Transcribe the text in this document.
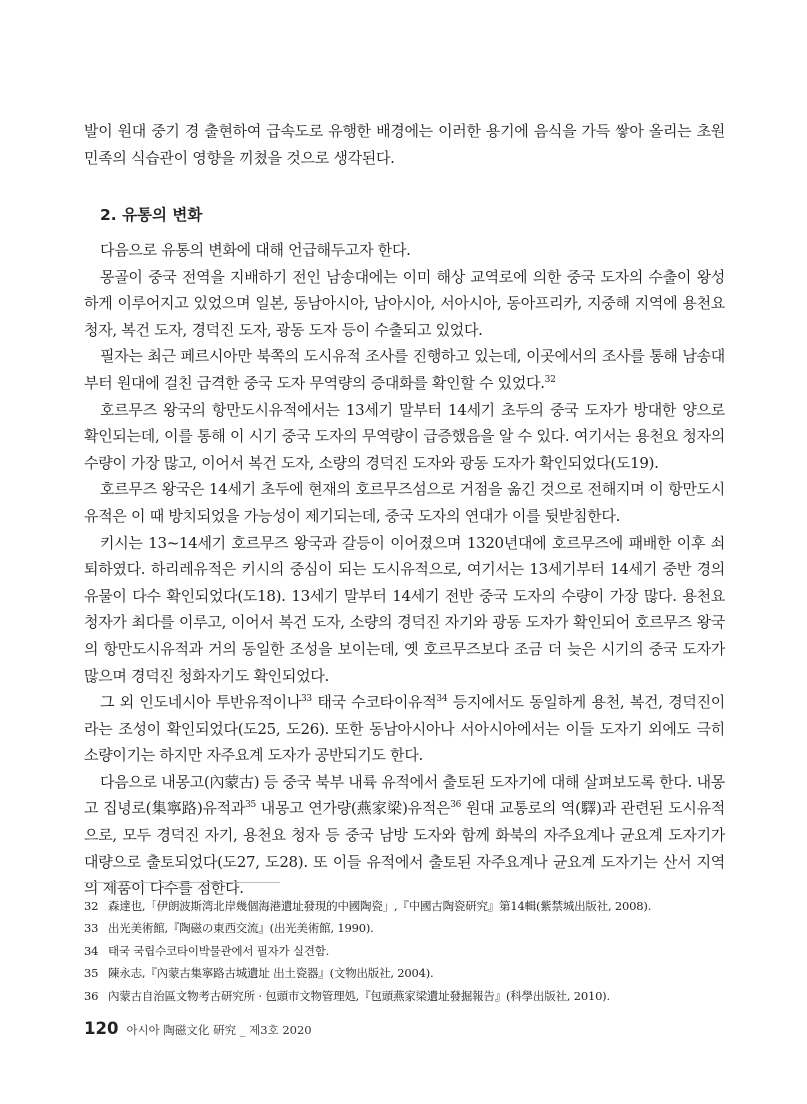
발이 원대 중기 경 출현하여 급속도로 유행한 배경에는 이러한 용기에 음식을 가득 쌓아 올리는 초원 민족의 식습관이 영향을 끼쳤을 것으로 생각된다.

2. 유통의 변화

다음으로 유통의 변화에 대해 언급해두고자 한다.

몽골이 중국 전역을 지배하기 전인 남송대에는 이미 해상 교역로에 의한 중국 도자의 수출이 왕성하게 이루어지고 있었으며 일본, 동남아시아, 남아시아, 서아시아, 동아프리카, 지중해 지역에 용천요 청자, 복건 도자, 경덕진 도자, 광동 도자 등이 수출되고 있었다.

필자는 최근 페르시아만 북쪽의 도시유적 조사를 진행하고 있는데, 이곳에서의 조사를 통해 남송대부터 원대에 걸친 급격한 중국 도자 무역량의 증대화를 확인할 수 있었다.$^{32}$

호르무즈 왕국의 항만도시유적에서는 13세기 말부터 14세기 초두의 중국 도자가 방대한 양으로 확인되는데, 이를 통해 이 시기 중국 도자의 무역량이 급증했음을 알 수 있다. 여기서는 용천요 청자의 수량이 가장 많고, 이어서 복건 도자, 소량의 경덕진 도자와 광동 도자가 확인되었다(도19).

호르무즈 왕국은 14세기 초두에 현재의 호르무즈섬으로 거점을 옮긴 것으로 전해지며 이 항만도시유적은 이 때 방치되었을 가능성이 제기되는데, 중국 도자의 연대가 이를 뒷받침한다.

키시는 13~14세기 호르무즈 왕국과 갈등이 이어졌으며 1320년대에 호르무즈에 패배한 이후 쇠퇴하였다. 하리레유적은 키시의 중심이 되는 도시유적으로, 여기서는 13세기부터 14세기 중반 경의 유물이 다수 확인되었다(도18). 13세기 말부터 14세기 전반 중국 도자의 수량이 가장 많다. 용천요 청자가 최다를 이루고, 이어서 복건 도자, 소량의 경덕진 자기와 광동 도자가 확인되어 호르무즈 왕국의 항만도시유적과 거의 동일한 조성을 보이는데, 옛 호르무즈보다 조금 더 늦은 시기의 중국 도자가 많으며 경덕진 청화자기도 확인되었다.

그 외 인도네시아 투반유적이나$^{33}$ 태국 수코타이유적$^{34}$ 등지에서도 동일하게 용천, 복건, 경덕진이라는 조성이 확인되었다(도25, 도26). 또한 동남아시아나 서아시아에서는 이들 도자기 외에도 극히 소량이기는 하지만 자주요계 도자가 공반되기도 한다.

다음으로 내몽고(內蒙古) 등 중국 북부 내륙 유적에서 출토된 도자기에 대해 살펴보도록 한다. 내몽고 집녕로(集寧路)유적과$^{35}$ 내몽고 연가량(燕家梁)유적은$^{36}$ 원대 교통로의 역(驛)과 관련된 도시유적으로, 모두 경덕진 자기, 용천요 청자 등 중국 남방 도자와 함께 화북의 자주요계나 균요계 도자기가 대량으로 출토되었다(도27, 도28). 또 이들 유적에서 출토된 자주요계나 균요계 도자기는 산서 지역의 제품이 다수를 점한다.

32 森達也,「伊朗波斯湾北岸幾個海港遺址發現的中國陶瓷」,『中國古陶瓷研究』第14輯(紫禁城出版社, 2008).
33 出光美術館,『陶磁の東西交流』(出光美術館, 1990).
34 태국 국립수코타이박물관에서 필자가 실견함.
35 陳永志,『內蒙古集寧路古城遺址 出土瓷器』(文物出版社, 2004).
36 內蒙古自治區文物考古研究所 · 包頭市文物管理処,『包頭燕家梁遺址發掘報告』(科學出版社, 2010).
120 아시아 陶磁文化 硏究 _ 제3호 2020
